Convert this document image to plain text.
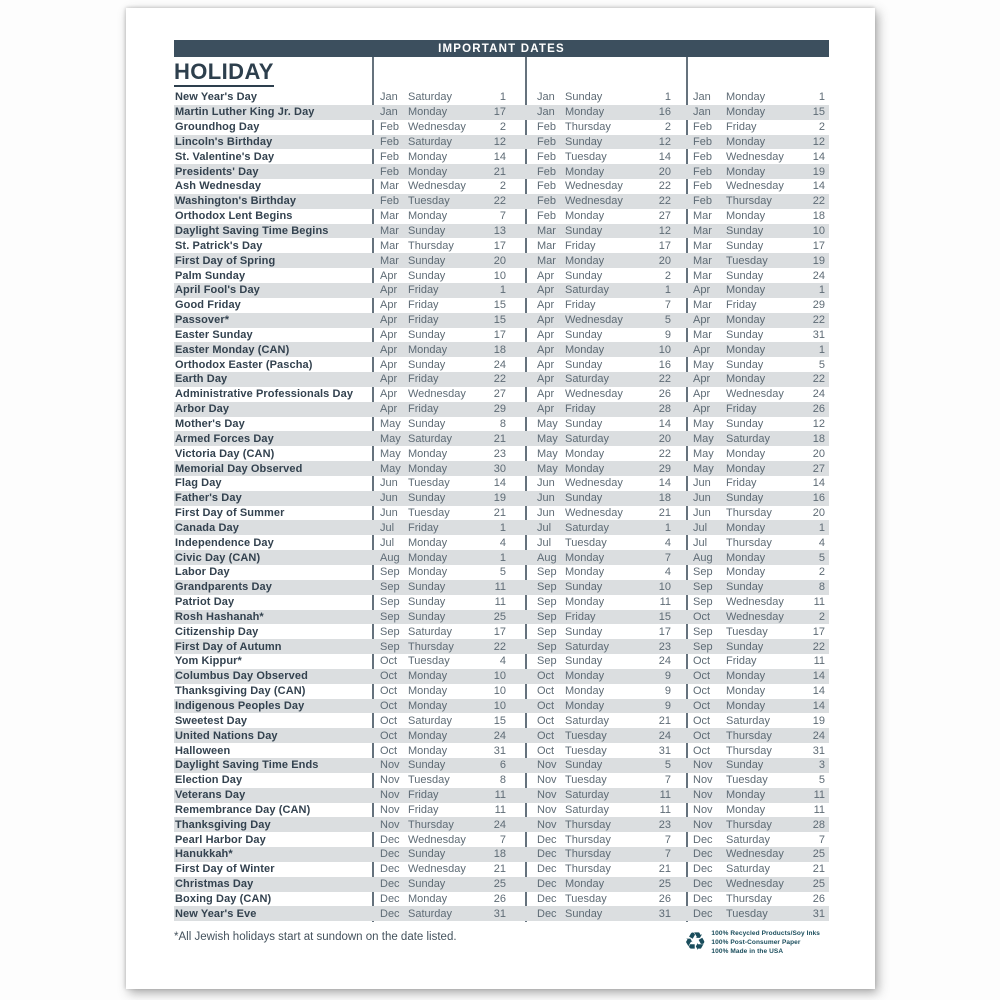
IMPORTANT DATES
HOLIDAY
New Year's Day	Jan Saturday	1	Jan Sunday	1	Jan	Monday	1
Martin Luther King Jr. Day	Jan Monday	17	Jan Monday	16	Jan	Monday	15
Groundhog Day	Feb Wednesday	2	Feb Thursday	2	Feb	Friday	2
Lincoln's Birthday	Feb Saturday	12	Feb Sunday	12	Feb	Monday	12
St. Valentine's Day	Feb Monday	14	Feb Tuesday	14	Feb	Wednesday	14
Presidents' Day	Feb Monday	21	Feb Monday	20	Feb	Monday	19
Ash Wednesday	Mar Wednesday	2	Feb Wednesday	22	Feb	Wednesday	14
Washington's Birthday	Feb Tuesday	22	Feb Wednesday	22	Feb	Thursday	22
Orthodox Lent Begins	Mar Monday	7	Feb Monday	27	Mar	Monday	18
Daylight Saving Time Begins	Mar Sunday	13	Mar Sunday	12	Mar	Sunday	10
St. Patrick's Day	Mar Thursday	17	Mar Friday	17	Mar	Sunday	17
First Day of Spring	Mar Sunday	20	Mar Monday	20	Mar	Tuesday	19
Palm Sunday	Apr Sunday	10	Apr Sunday	2	Mar	Sunday	24
April Fool's Day	Apr Friday	1	Apr Saturday	1	Apr	Monday	1
Good Friday	Apr Friday	15	Apr Friday	7	Mar	Friday	29
Passover*	Apr Friday	15	Apr Wednesday	5	Apr	Monday	22
Easter Sunday	Apr Sunday	17	Apr Sunday	9	Mar	Sunday	31
Easter Monday (CAN)	Apr Monday	18	Apr Monday	10	Apr	Monday	1
Orthodox Easter (Pascha)	Apr Sunday	24	Apr Sunday	16	May	Sunday	5
Earth Day	Apr Friday	22	Apr Saturday	22	Apr	Monday	22
Administrative Professionals Day	Apr Wednesday	27	Apr Wednesday	26	Apr	Wednesday	24
Arbor Day	Apr Friday	29	Apr Friday	28	Apr	Friday	26
Mother's Day	May Sunday	8	May Sunday	14	May	Sunday	12
Armed Forces Day	May Saturday	21	May Saturday	20	May	Saturday	18
Victoria Day (CAN)	May Monday	23	May Monday	22	May	Monday	20
Memorial Day Observed	May Monday	30	May Monday	29	May	Monday	27
Flag Day	Jun Tuesday	14	Jun Wednesday	14	Jun	Friday	14
Father's Day	Jun Sunday	19	Jun Sunday	18	Jun	Sunday	16
First Day of Summer	Jun Tuesday	21	Jun Wednesday	21	Jun	Thursday	20
Canada Day	Jul	Friday	1	Jul	Saturday	1	Jul	Monday	1
Independence Day	Jul	Monday	4	Jul	Tuesday	4	Jul	Thursday	4
Civic Day (CAN)	Aug Monday	1	Aug Monday	7	Aug	Monday	5
Labor Day	Sep Monday	5	Sep Monday	4	Sep	Monday	2
Grandparents Day	Sep Sunday	11	Sep Sunday	10	Sep	Sunday	8
Patriot Day	Sep Sunday	11	Sep Monday	11	Sep	Wednesday	11
Rosh Hashanah*	Sep Sunday	25	Sep Friday	15	Oct	Wednesday	2
Citizenship Day	Sep Saturday	17	Sep Sunday	17	Sep	Tuesday	17
First Day of Autumn	Sep Thursday	22	Sep Saturday	23	Sep	Sunday	22
Yom Kippur*	Oct Tuesday	4	Sep Sunday	24	Oct	Friday	11
Columbus Day Observed	Oct Monday	10	Oct Monday	9	Oct	Monday	14
Thanksgiving Day (CAN)	Oct Monday	10	Oct Monday	9	Oct	Monday	14
Indigenous Peoples Day	Oct Monday	10	Oct Monday	9	Oct	Monday	14
Sweetest Day	Oct Saturday	15	Oct Saturday	21	Oct	Saturday	19
United Nations Day	Oct Monday	24	Oct Tuesday	24	Oct	Thursday	24
Halloween	Oct Monday	31	Oct Tuesday	31	Oct	Thursday	31
Daylight Saving Time Ends	Nov Sunday	6	Nov Sunday	5	Nov	Sunday	3
Election Day	Nov Tuesday	8	Nov Tuesday	7	Nov	Tuesday	5
Veterans Day	Nov Friday	11	Nov Saturday	11	Nov	Monday	11
Remembrance Day (CAN)	Nov Friday	11	Nov Saturday	11	Nov	Monday	11
Thanksgiving Day	Nov Thursday	24	Nov Thursday	23	Nov	Thursday	28
Pearl Harbor Day	Dec Wednesday	7	Dec Thursday	7	Dec	Saturday	7
Hanukkah*	Dec Sunday	18	Dec Thursday	7	Dec	Wednesday	25
First Day of Winter	Dec Wednesday	21	Dec Thursday	21	Dec	Saturday	21
Christmas Day	Dec Sunday	25	Dec Monday	25	Dec	Wednesday	25
Boxing Day (CAN)	Dec Monday	26	Dec Tuesday	26	Dec	Thursday	26
New Year's Eve	Dec Saturday	31	Dec Sunday	31	Dec	Tuesday	31
*All Jewish holidays start at sundown on the date listed.	♻ 100% Recycled Products/Soy Inks
100% Post-Consumer Paper
100% Made in the USA
